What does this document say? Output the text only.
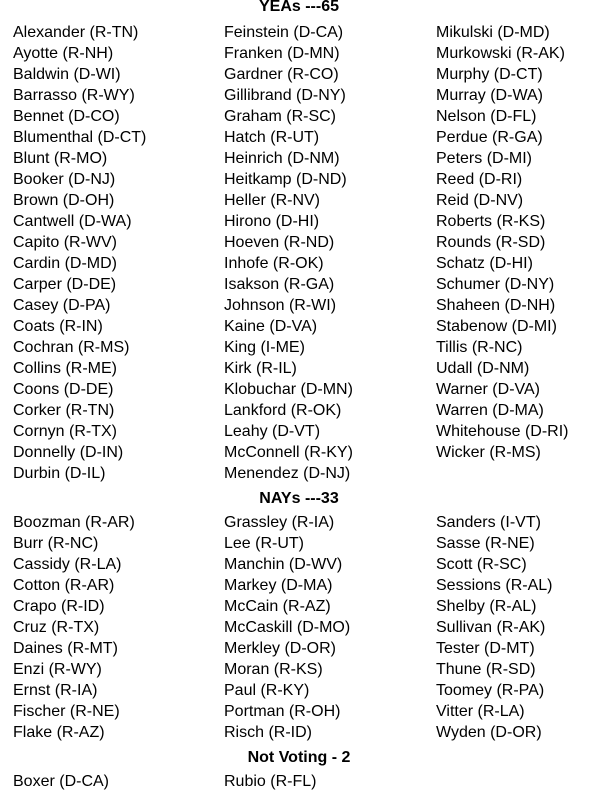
YEAs ---65
Alexander (R-TN)
Ayotte (R-NH)
Baldwin (D-WI)
Barrasso (R-WY)
Bennet (D-CO)
Blumenthal (D-CT)
Blunt (R-MO)
Booker (D-NJ)
Brown (D-OH)
Cantwell (D-WA)
Capito (R-WV)
Cardin (D-MD)
Carper (D-DE)
Casey (D-PA)
Coats (R-IN)
Cochran (R-MS)
Collins (R-ME)
Coons (D-DE)
Corker (R-TN)
Cornyn (R-TX)
Donnelly (D-IN)
Durbin (D-IL)
Feinstein (D-CA)
Franken (D-MN)
Gardner (R-CO)
Gillibrand (D-NY)
Graham (R-SC)
Hatch (R-UT)
Heinrich (D-NM)
Heitkamp (D-ND)
Heller (R-NV)
Hirono (D-HI)
Hoeven (R-ND)
Inhofe (R-OK)
Isakson (R-GA)
Johnson (R-WI)
Kaine (D-VA)
King (I-ME)
Kirk (R-IL)
Klobuchar (D-MN)
Lankford (R-OK)
Leahy (D-VT)
McConnell (R-KY)
Menendez (D-NJ)
Mikulski (D-MD)
Murkowski (R-AK)
Murphy (D-CT)
Murray (D-WA)
Nelson (D-FL)
Perdue (R-GA)
Peters (D-MI)
Reed (D-RI)
Reid (D-NV)
Roberts (R-KS)
Rounds (R-SD)
Schatz (D-HI)
Schumer (D-NY)
Shaheen (D-NH)
Stabenow (D-MI)
Tillis (R-NC)
Udall (D-NM)
Warner (D-VA)
Warren (D-MA)
Whitehouse (D-RI)
Wicker (R-MS)
NAYs ---33
Boozman (R-AR)
Burr (R-NC)
Cassidy (R-LA)
Cotton (R-AR)
Crapo (R-ID)
Cruz (R-TX)
Daines (R-MT)
Enzi (R-WY)
Ernst (R-IA)
Fischer (R-NE)
Flake (R-AZ)
Grassley (R-IA)
Lee (R-UT)
Manchin (D-WV)
Markey (D-MA)
McCain (R-AZ)
McCaskill (D-MO)
Merkley (D-OR)
Moran (R-KS)
Paul (R-KY)
Portman (R-OH)
Risch (R-ID)
Sanders (I-VT)
Sasse (R-NE)
Scott (R-SC)
Sessions (R-AL)
Shelby (R-AL)
Sullivan (R-AK)
Tester (D-MT)
Thune (R-SD)
Toomey (R-PA)
Vitter (R-LA)
Wyden (D-OR)
Not Voting - 2
Boxer (D-CA)	Rubio (R-FL)
